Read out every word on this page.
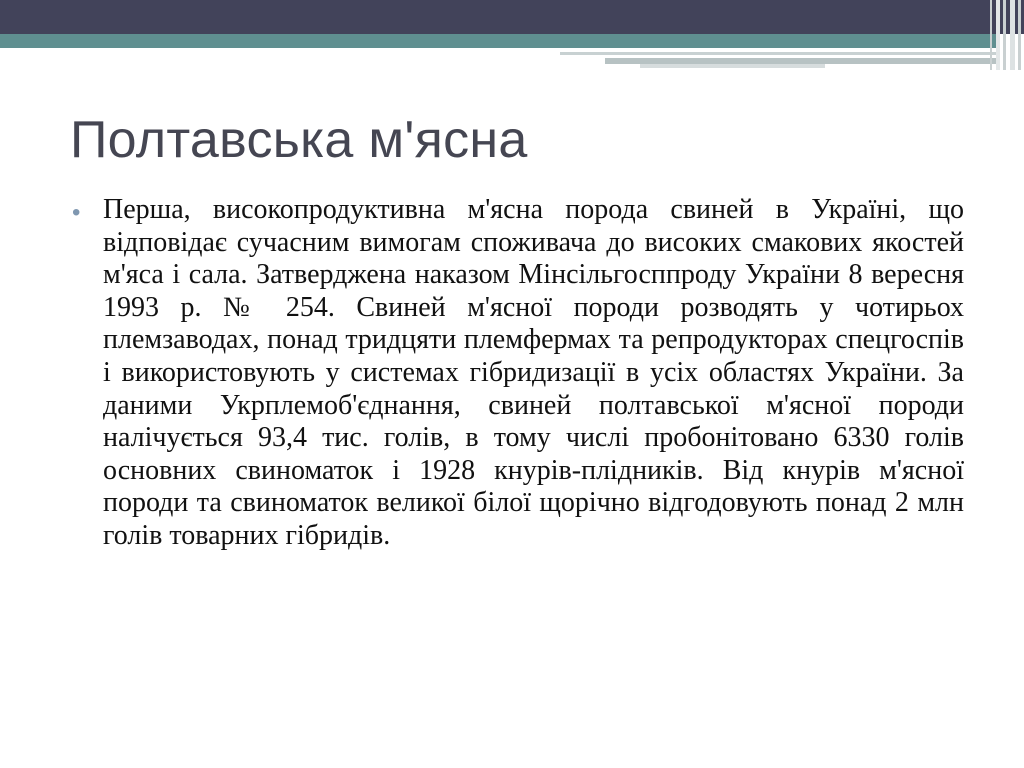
Полтавська м'ясна
• Перша, високопродуктивна м'ясна порода свиней в Україні, що відповідає сучасним вимогам споживача до високих смакових якостей м'яса і сала. Затверджена наказом Мінсільгосппроду України 8 вересня 1993 р. № 254. Свиней м'ясної породи розводять у чотирьох племзаводах, понад тридцяти племфермах та репродукторах спецгоспів і використовують у системах гібридизації в усіх областях України. За даними Укрплемоб'єднання, свиней полтавської м'ясної породи налічується 93,4 тис. голів, в тому числі пробонітовано 6330 голів основних свиноматок і 1928 кнурів-плідників. Від кнурів м'ясної породи та свиноматок великої білої щорічно відгодовують понад 2 млн голів товарних гібридів.
